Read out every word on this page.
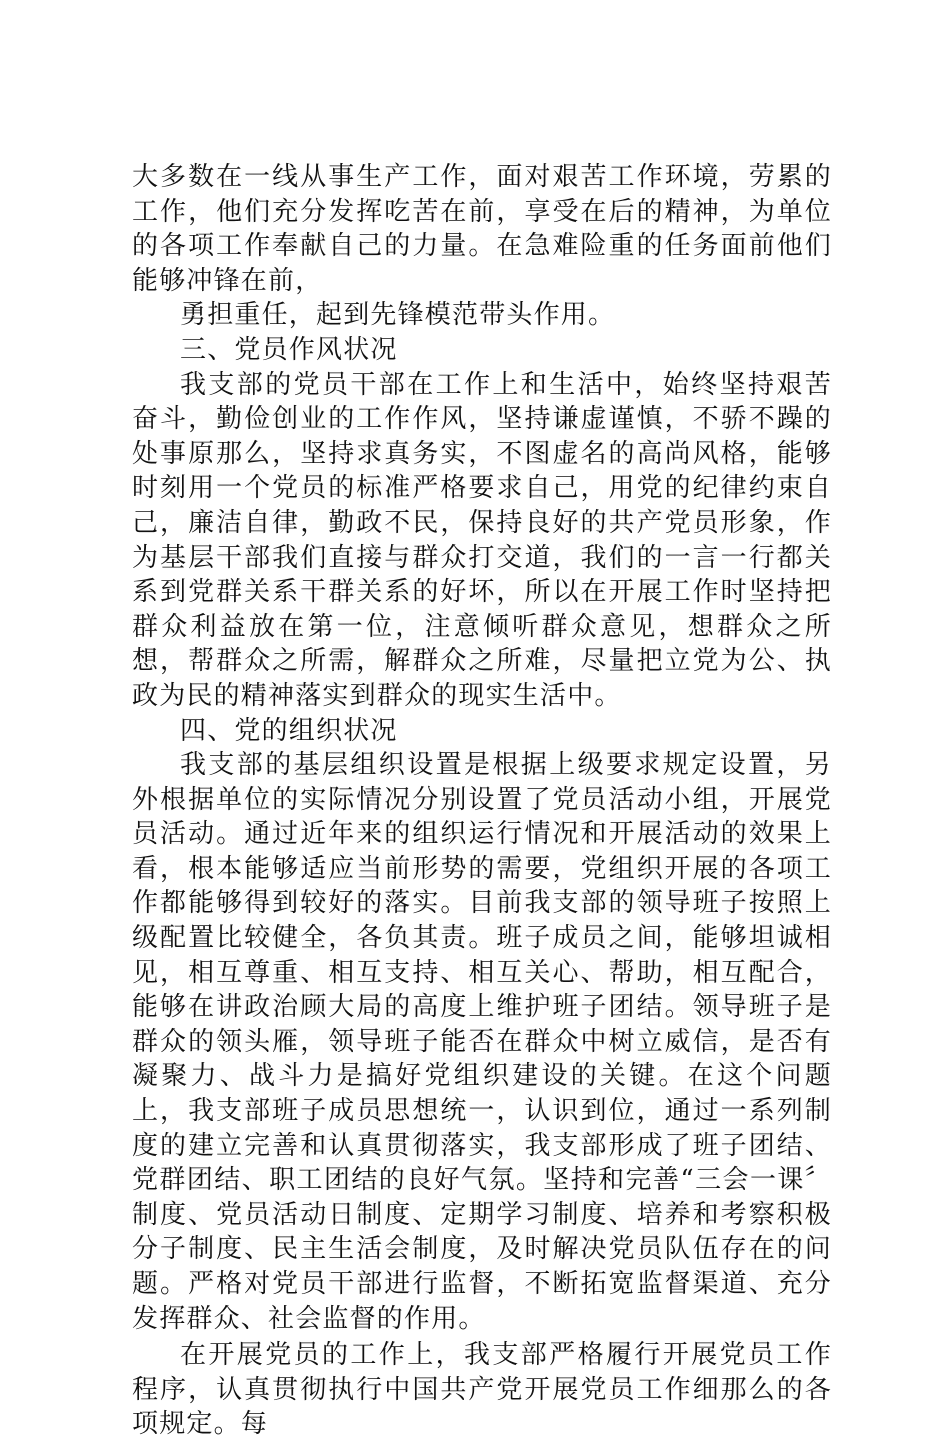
大多数在一线从事生产工作，面对艰苦工作环境，劳累的工作，他们充分发挥吃苦在前，享受在后的精神，为单位的各项工作奉献自己的力量。在急难险重的任务面前他们能够冲锋在前，

勇担重任，起到先锋模范带头作用。

三、党员作风状况

我支部的党员干部在工作上和生活中，始终坚持艰苦奋斗，勤俭创业的工作作风，坚持谦虚谨慎，不骄不躁的处事原那么，坚持求真务实，不图虚名的高尚风格，能够时刻用一个党员的标准严格要求自己，用党的纪律约束自己，廉洁自律，勤政不民，保持良好的共产党员形象，作为基层干部我们直接与群众打交道，我们的一言一行都关系到党群关系干群关系的好坏，所以在开展工作时坚持把群众利益放在第一位，注意倾听群众意见，想群众之所想，帮群众之所需，解群众之所难，尽量把立党为公、执政为民的精神落实到群众的现实生活中。

四、党的组织状况

我支部的基层组织设置是根据上级要求规定设置，另外根据单位的实际情况分别设置了党员活动小组，开展党员活动。通过近年来的组织运行情况和开展活动的效果上看，根本能够适应当前形势的需要，党组织开展的各项工作都能够得到较好的落实。目前我支部的领导班子按照上级配置比较健全，各负其责。班子成员之间，能够坦诚相见，相互尊重、相互支持、相互关心、帮助，相互配合，能够在讲政治顾大局的高度上维护班子团结。领导班子是群众的领头雁，领导班子能否在群众中树立威信，是否有凝聚力、战斗力是搞好党组织建设的关键。在这个问题上，我支部班子成员思想统一，认识到位，通过一系列制度的建立完善和认真贯彻落实，我支部形成了班子团结、党群团结、职工团结的良好气氛。坚持和完善“三会一课〞制度、党员活动日制度、定期学习制度、培养和考察积极分子制度、民主生活会制度，及时解决党员队伍存在的问题。严格对党员干部进行监督，不断拓宽监督渠道、充分发挥群众、社会监督的作用。

在开展党员的工作上，我支部严格履行开展党员工作程序，认真贯彻执行中国共产党开展党员工作细那么的各项规定。每
